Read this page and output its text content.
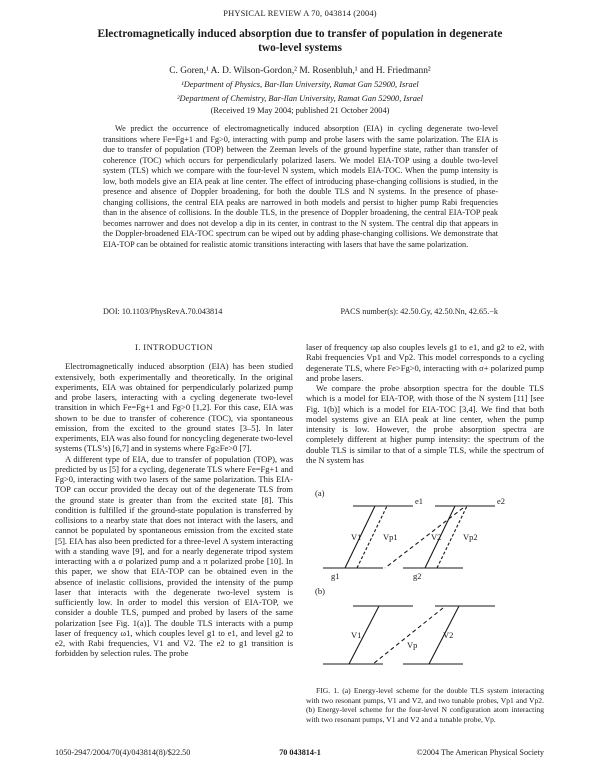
PHYSICAL REVIEW A 70, 043814 (2004)
Electromagnetically induced absorption due to transfer of population in degenerate two-level systems
C. Goren,¹ A. D. Wilson-Gordon,² M. Rosenbluh,¹ and H. Friedmann²
¹Department of Physics, Bar-Ilan University, Ramat Gan 52900, Israel
²Department of Chemistry, Bar-Ilan University, Ramat Gan 52900, Israel
(Received 19 May 2004; published 21 October 2004)

We predict the occurrence of electromagnetically induced absorption (EIA) in cycling degenerate two-level transitions where Fe=Fg+1 and Fg>0, interacting with pump and probe lasers with the same polarization. The EIA is due to transfer of population (TOP) between the Zeeman levels of the ground hyperfine state, rather than transfer of coherence (TOC) which occurs for perpendicularly polarized lasers. We model EIA-TOP using a double two-level system (TLS) which we compare with the four-level N system, which models EIA-TOC. When the pump intensity is low, both models give an EIA peak at line center. The effect of introducing phase-changing collisions is studied, in the presence and absence of Doppler broadening, for both the double TLS and N systems. In the presence of phase-changing collisions, the central EIA peaks are narrowed in both models and persist to higher pump Rabi frequencies than in the absence of collisions. In the double TLS, in the presence of Doppler broadening, the central EIA-TOP peak becomes narrower and does not develop a dip in its center, in contrast to the N system. The central dip that appears in the Doppler-broadened EIA-TOC spectrum can be wiped out by adding phase-changing collisions. We demonstrate that EIA-TOP can be obtained for realistic atomic transitions interacting with lasers that have the same polarization.

DOI: 10.1103/PhysRevA.70.043814	PACS number(s): 42.50.Gy, 42.50.Nn, 42.65.−k

I. INTRODUCTION

Electromagnetically induced absorption (EIA) has been studied extensively, both experimentally and theoretically. In the original experiments, EIA was obtained for perpendicularly polarized pump and probe lasers, interacting with a cycling degenerate two-level transition in which Fe=Fg+1 and Fg>0 [1,2]. For this case, EIA was shown to be due to transfer of coherence (TOC), via spontaneous emission, from the excited to the ground states [3–5]. In later experiments, EIA was also found for noncycling degenerate two-level systems (TLS’s) [6,7] and in systems where Fg≥Fe>0 [7].

A different type of EIA, due to transfer of population (TOP), was predicted by us [5] for a cycling, degenerate TLS where Fe=Fg+1 and Fg>0, interacting with two lasers of the same polarization. This EIA-TOP can occur provided the decay out of the degenerate TLS from the ground state is greater than from the excited state [8]. This condition is fulfilled if the ground-state population is transferred by collisions to a nearby state that does not interact with the lasers, and cannot be populated by spontaneous emission from the excited state [5]. EIA has also been predicted for a three-level Λ system interacting with a standing wave [9], and for a nearly degenerate tripod system interacting with a σ polarized pump and a π polarized probe [10]. In this paper, we show that EIA-TOP can be obtained even in the absence of inelastic collisions, provided the intensity of the pump laser that interacts with the degenerate two-level system is sufficiently low. In order to model this version of EIA-TOP, we consider a double TLS, pumped and probed by lasers of the same polarization [see Fig. 1(a)]. The double TLS interacts with a pump laser of frequency ω1, which couples level g1 to e1, and level g2 to e2, with Rabi frequencies, V1 and V2. The e2 to g1 transition is forbidden by selection rules. The probe

laser of frequency ωp also couples levels g1 to e1, and g2 to e2, with Rabi frequencies Vp1 and Vp2. This model corresponds to a cycling degenerate TLS, where Fe>Fg>0, interacting with σ+ polarized pump and probe lasers.

We compare the probe absorption spectra for the double TLS which is a model for EIA-TOP, with those of the N system [11] [see Fig. 1(b)] which is a model for EIA-TOC [3,4]. We find that both model systems give an EIA peak at line center, when the pump intensity is low. However, the probe absorption spectra are completely different at higher pump intensity: the spectrum of the double TLS is similar to that of a simple TLS, while the spectrum of the N system has

(a)
(b)
V1	V2
Vp1	Vp2
V1	V2
Vp
e1	e2
g1	g2

FIG. 1. (a) Energy-level scheme for the double TLS system interacting with two resonant pumps, V1 and V2, and two tunable probes, Vp1 and Vp2. (b) Energy-level scheme for the four-level N configuration atom interacting with two resonant pumps, V1 and V2 and a tunable probe, Vp.

1050-2947/2004/70(4)/043814(8)/$22.50	70 043814-1	©2004 The American Physical Society
